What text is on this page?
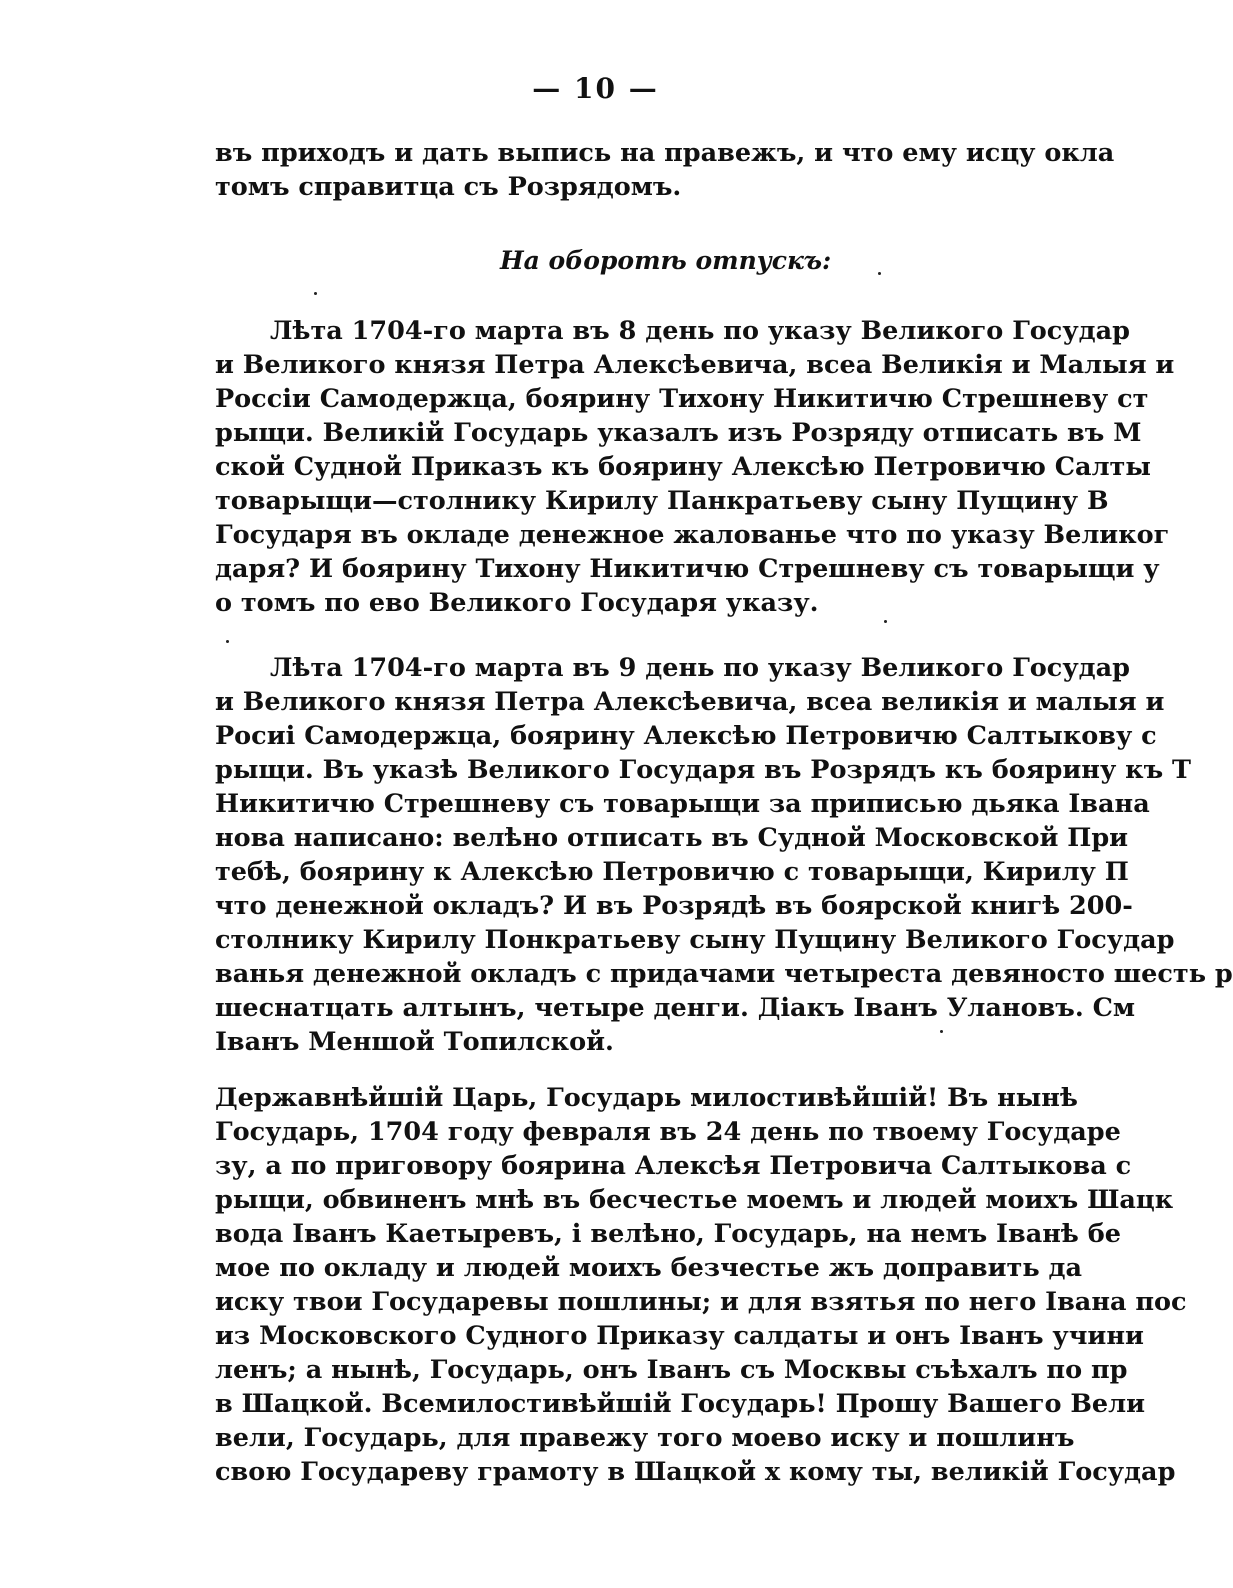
— 10 —
въ приходъ и дать выпись на правежъ, и что ему исцу окла
томъ справитца съ Розрядомъ.
На оборотѣ отпускъ:
Лѣта 1704-го марта въ 8 день по указу Великого Государ
и Великого князя Петра Алексѣевича, всеа Великія и Малыя и
Россіи Самодержца, боярину Тихону Никитичю Стрешневу ст
рыщи. Великій Государь указалъ изъ Розряду отписать въ М
ской Судной Приказъ къ боярину Алексѣю Петровичю Салты
товарыщи—столнику Кирилу Панкратьеву сыну Пущину В
Государя въ окладе денежное жалованье что по указу Великог
даря? И боярину Тихону Никитичю Стрешневу съ товарыщи у
о томъ по ево Великого Государя указу.
Лѣта 1704-го марта въ 9 день по указу Великого Государ
и Великого князя Петра Алексѣевича, всеа великія и малыя и
Росиі Самодержца, боярину Алексѣю Петровичю Салтыкову с
рыщи. Въ указѣ Великого Государя въ Розрядъ къ боярину къ Т
Никитичю Стрешневу съ товарыщи за приписью дьяка Івана
нова написано: велѣно отписать въ Судной Московской При
тебѣ, боярину к Алексѣю Петровичю с товарыщи, Кирилу П
что денежной окладъ? И въ Розрядѣ въ боярской книгѣ 200-
столнику Кирилу Понкратьеву сыну Пущину Великого Государ
ванья денежной окладъ с придачами четыреста девяносто шесть р
шеснатцать алтынъ, четыре денги. Діакъ Іванъ Улановъ. См
Іванъ Меншой Топилской.
Державнѣйшій Царь, Государь милостивѣйшій! Въ нынѣ
Государь, 1704 году февраля въ 24 день по твоему Государе
зу, а по приговору боярина Алексѣя Петровича Салтыкова с
рыщи, обвиненъ мнѣ въ бесчестье моемъ и людей моихъ Шацк
вода Іванъ Каетыревъ, і велѣно, Государь, на немъ Іванѣ бе
мое по окладу и людей моихъ безчестье жъ доправить да
иску твои Государевы пошлины; и для взятья по него Івана пос
из Московского Судного Приказу салдаты и онъ Іванъ учини
ленъ; а нынѣ, Государь, онъ Іванъ съ Москвы съѣхалъ по пр
в Шацкой. Всемилостивѣйшій Государь! Прошу Вашего Вели
вели, Государь, для правежу того моево иску и пошлинъ
свою Государеву грамоту в Шацкой х кому ты, великій Государ
